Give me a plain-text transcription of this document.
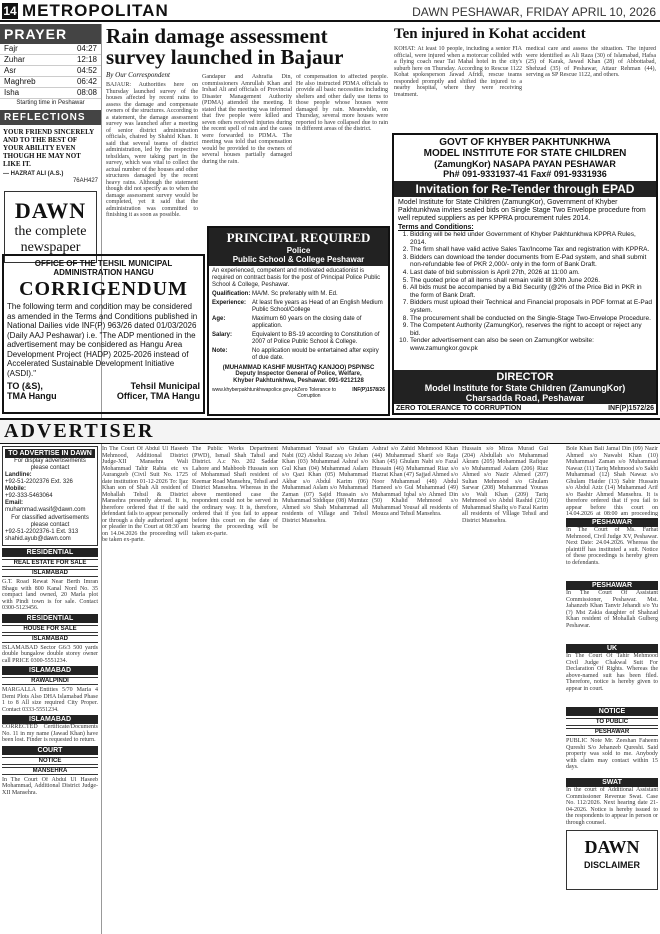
14 METROPOLITAN	DAWN PESHAWAR, FRIDAY APRIL 10, 2026
PRAYER
Fajr	04:27
Zuhar	12:18
Asr	04:52
Maghreb	06:42
Isha	08:08
Starting time in Peshawar
REFLECTIONS
YOUR FRIEND SINCERELY AND TO THE BEST OF YOUR ABILITY EVEN THOUGH HE MAY NOT LIKE IT.
— HAZRAT ALI (A.S.)
76AH427
DAWN
the complete
newspaper
OFFICE OF THE TEHSIL MUNICIPAL ADMINISTRATION HANGU
CORRIGENDUM
The following term and condition may be considered as amended in the Terms and Conditions published in National Dailies vide INF(P) 963/26 dated 01/03/2026 (Daily AAJ Peshawar) i.e. "The ADP mentioned in the advertisement may be considered as Hangu Area Development Project (HADP) 2025-2026 instead of Accelerated Sustainable Development Initiative (ASDI)."
TO (&S),
TMA Hangu
Tehsil Municipal
Officer, TMA Hangu
Rain damage assessment survey launched in Bajaur
By Our Correspondent
BAJAUR: Authorities here on Thursday launched survey of the houses affected by recent rains to assess the damage and compensate owners of the structures. According to a statement, the damage assessment survey was launched after a meeting of senior district administration officials, chaired by Shahid Khan. It said that several teams of district administration, led by the respective tehsildars, were taking part in the survey, which was vital to collect the actual number of the houses and other structures damaged by the recent heavy rains. Although the statement though did not specify as to when the damage assessment survey would be completed, yet it said that the administration was committed to finishing it as soon as possible.
Gandapur and Ashrafia Din, commissioners Amrullah Khan and Irshad Ali and officials of Provincial Disaster Management Authority (PDMA) attended the meeting. It stated that the meeting was informed that five people were killed and seven others received injuries during the recent spell of rain and the cases were forwarded to PDMA. The meeting was told that compensation would be provided to the owners of several houses partially damaged during the rain.
of compensation to affected people. He also instructed PDMA officials to provide all basic necessities including shelters and other daily use items to those people whose houses were damaged by rain. Meanwhile, on Thursday, several more houses were reported to have collapsed due to rain in different areas of the district.
Ten injured in Kohat accident
KOHAT: At least 10 people, including a senior FIA official, were injured when a motorcar collided with a flying coach near Tai Mahal hotel in the city's suburb here on Thursday. According to Rescue 1122 Kohat spokesperson Jawad Afridi, rescue teams responded promptly and shifted the injured to a nearby hospital, where they were receiving treatment.
medical care and assess the situation. The injured were identified as Ali Raza (30) of Islamabad, Hafsa (25) of Karak, Jawad Khan (28) of Abbottabad, Shehzad (35) of Peshawar, Attaur Rehman (44), serving as SP Rescue 1122, and others.
PRINCIPAL REQUIRED
Police
Public School & College Peshawar
An experienced, competent and motivated educationist is required on contract basis for the post of Principal Police Public School & College, Peshawar.
Qualification: MA/M. Sc preferably with M. Ed.
Experience: At least five years as Head of an English Medium Public School/College
Age:	Maximum 60 years on the closing date of application.
Salary:	Equivalent to BS-19 according to Constitution of 2007 of Police Public School & College.
Note:	No application would be entertained after expiry of due date.
(MUHAMMAD KASHIF MUSHTAQ KANJOO) PSP/NSC
Deputy Inspector General of Police, Welfare,
Khyber Pakhtunkhwa, Peshawar. 091-9212128
www.khyberpakhtunkhwapolice.gov.pk Zero Tolerance to Corruption
INF(P)1578/26
GOVT OF KHYBER PAKHTUNKHWA
MODEL INSTITUTE FOR STATE CHILDREN
(ZamungKor) NASAPA PAYAN PESHAWAR
Ph# 091-9331937-41 Fax# 091-9331936
Invitation for Re-Tender through EPAD
Model Institute for State Children (ZamungKor), Government of Khyber Pakhtunkhwa invites sealed bids on Single Stage Two Envelope procedure from well reputed suppliers as per KPPRA procurement rules 2014.
Terms and Conditions:
1. Bidding will be held under Government of Khyber Pakhtunkhwa KPPRA Rules, 2014.
2. The firm shall have valid active Sales Tax/Income Tax and registration with KPPRA.
3. Bidders can download the tender documents from E-Pad system, and shall submit non-refundable fee of PKR 2,000/- only in the form of Bank Draft.
4. Last date of bid submission is April 27th, 2026 at 11:00 am.
5. The quoted price of all items shall remain valid till 30th June 2026.
6. All bids must be accompanied by a Bid Security (@2% of the Price Bid in PKR in the form of Bank Draft.
7. Bidders must upload their Technical and Financial proposals in PDF format at E-Pad system.
8. The procurement shall be conducted on the Single-Stage Two-Envelope Procedure.
9. The Competent Authority (ZamungKor), reserves the right to accept or reject any bid.
10. Tender advertisement can also be seen on ZamungKor website: www.zamungkor.gov.pk
DIRECTOR
Model Institute for State Children (ZamungKor)
Charsadda Road, Peshawar
ZERO TOLERANCE TO CORRUPTION	INF(P)1572/26
ADVERTISER
TO ADVERTISE IN DAWN
For display advertisements please contact
Landline:
+92-51-2202376 Ext. 326
Mobile:
+92-333-5463064
Email:
muhammad.wasif@dawn.com
For classified advertisements please contact
+92-51-2202376-1 Ext. 313
shahid.ayub@dawn.com
RESIDENTIAL
REAL ESTATE FOR SALE
ISLAMABAD
G.T. Road Rewat Near Berth Imran Bhagu with 800 Kanal Nord No. 35 compact land owned, 20 Marla plot with Pindi town is for sale. Contact 0300-5123456.
RESIDENTIAL
HOUSE FOR SALE
ISLAMABAD
ISLAMABAD Sector G6/3 500 yards double bungalow double storey owner call PRICE 0300-5551234.
ISLAMABAD
RAWALPINDI
MARGALLA Entities 5/70 Marla 4 Demi Plots Also DHA Islamabad Phase 1 to 8 All size required City Proper. Contact 0333-5551234.
ISLAMABAD
CORRECTED Certificate/Documents No. 11 in my name (Jawad Khan) have been lost. Finder is requested to return.
COURT
NOTICE
MANSEHRA
In The Court Of Abdul Ul Haseeb Mohammad, Additional District Judge-XII Mansehra.
In The Court Of Abdul Ul Haseeb Mehmood, Additional District Judge-XII Mansehra Wali Mohammad Tahir Rabia etc vs Aurangzeb (Civil Suit No. 1725 date institution 01-12-2026 To: Ijaz Khan son of Shah Ali resident of Mohallah Tehsil & District Mansehra presently abroad. It is, therefore ordered that if the said defendant fails to appear personally or through a duly authorized agent or pleader in the Court at 08:30 am on 14.04.2026 the proceeding will be taken ex-parte.
The Public Works Department (PWD), Ismail Shah Tahsil and District. A.c No. 202 Saddar Lahore and Mahboob Hussain son of Mohammad Shafi resident of Keemar Road Mansehra, Tehsil and District Mansehra. Whereas in the above mentioned case the respondent could not be served in the ordinary way. It is, therefore, ordered that if you fail to appear before this court on the date of hearing the proceeding will be taken ex-parte.
Muhammad Yousaf s/o Ghulam Nabi (02) Abdul Razzaq s/o Jehan Khan (03) Muhammad Ashraf s/o Gul Khan (04) Muhammad Aslam s/o Qazi Khan (05) Muhammad Akbar s/o Abdul Karim (06) Muhammad Aslam s/o Muhammad Zaman (07) Sajid Hussain s/o Muhammad Siddique (08) Mumtaz Ahmed s/o Shah Muhammad all residents of Village and Tehsil District Mansehra.
Ashraf s/o Zahid Mehmood Khan (44) Muhammad Sharif s/o Raja Khan (45) Ghulam Nabi s/o Fazal Hussain (46) Muhammad Riaz s/o Hazrat Khan (47) Sajjad Ahmed s/o Noor Muhammad (48) Abdul Hameed s/o Gul Muhammad (49) Muhammad Iqbal s/o Ahmed Din (50) Khalid Mehmood s/o Muhammad Yousaf all residents of Mouza and Tehsil Mansehra.
Hussain s/o Mirza Murad Gul (204) Abdullah s/o Muhammad Akram (205) Mohammad Rafique s/o Muhammad Aslam (206) Riaz Ahmed s/o Nazir Ahmed (207) Sultan Mehmood s/o Ghulam Sarwar (208) Muhammad Younas s/o Wali Khan (209) Tariq Mehmood s/o Abdul Rashid (210) Muhammad Shafiq s/o Fazal Karim all residents of Village Tehsil and District Mansehra.
Bole Khan Bali Jamal Din (09) Nazir Ahmed s/o Nawabi Khan (10) Muhammad Zaman s/o Muhammad Nawaz (11) Tariq Mehmood s/o Sakhi Muhammad (12) Shah Nawaz s/o Ghulam Haider (13) Sabir Hussain s/o Abdul Aziz (14) Muhammad Arif s/o Bashir Ahmed Mansehra. It is therefore ordered that if you fail to appear before this court on 14.04.2026 at 08:00 am proceeding
PESHAWAR
In The Court of Ms. Farhat Mehmood, Civil Judge XV, Peshawar. Next Date: 24.04.2026. Whereas the plaintiff has instituted a suit. Notice of these proceedings is hereby given to defendants.
PESHAWAR
In The Court Of Assistant Commissioner, Peshawar. Mst. Jahanzeb Khan Tanvir Jehandi s/o Yu (?) Mst Zakia daughter of Shahzad Khan resident of Mohallah Gulberg Peshawar.
UK
In The Court Of Tahir Mehmood Civil Judge Chakwal Suit For Declaration Of Rights. Whereas the above-named suit has been filed. Therefore, notice is hereby given to appear in court.
NOTICE
TO PUBLIC
PESHAWAR
PUBLIC Note Mr. Zeeshan Faheem Qureshi S/o Jehanzeb Qureshi. Said property was sold to me. Anybody with claim may contact within 15 days.
SWAT
In the court of Additional Assistant Commissioner Revenue Swat. Case No. 112/2026. Next hearing date 21-04-2026. Notice is hereby issued to the respondents to appear in person or through counsel.
DAWN
DISCLAIMER
